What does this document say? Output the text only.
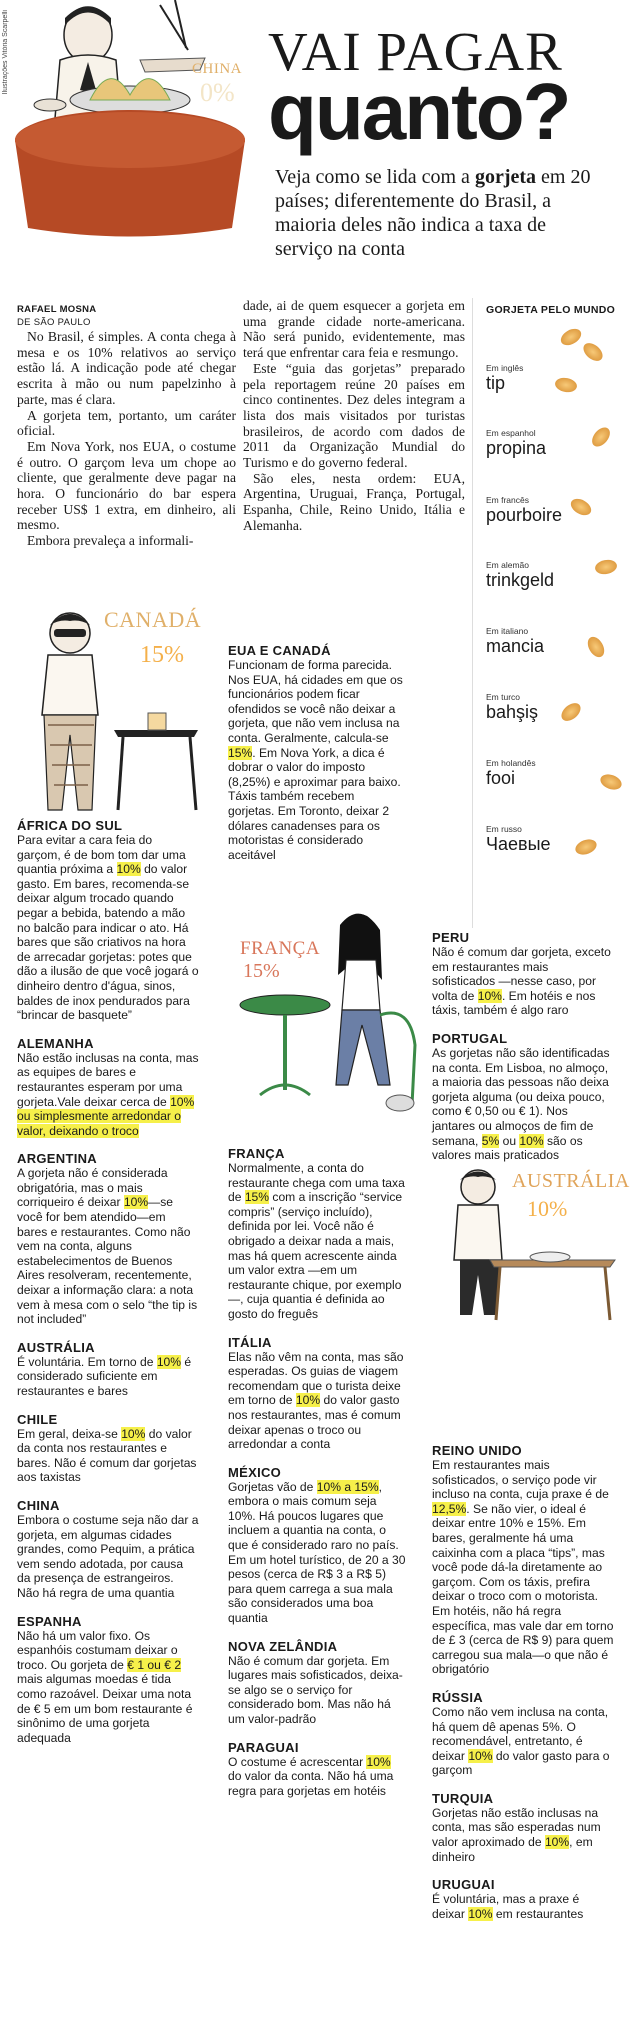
Ilustrações Vitória Scarpelli	CHINA
0%
VAI PAGAR
quanto?
Veja como se lida com a gorjeta em 20 países; diferentemente do Brasil, a maioria deles não indica a taxa de serviço na conta
RAFAEL MOSNA
DE SÃO PAULO

No Brasil, é simples. A conta chega à mesa e os 10% relativos ao serviço estão lá. A indicação pode até chegar escrita à mão ou num papelzinho à parte, mas é clara.

A gorjeta tem, portanto, um caráter oficial.

Em Nova York, nos EUA, o costume é outro. O garçom leva um chope ao cliente, que geralmente deve pagar na hora. O funcionário do bar espera receber US$ 1 extra, em dinheiro, ali mesmo.

Embora prevaleça a informali-

dade, ai de quem esquecer a gorjeta em uma grande cidade norte-americana. Não será punido, evidentemente, mas terá que enfrentar cara feia e resmungo.

Este “guia das gorjetas” preparado pela reportagem reúne 20 países em cinco continentes. Dez deles integram a lista dos mais visitados por turistas brasileiros, de acordo com dados de 2011 da Organização Mundial do Turismo e do governo federal.

São eles, nesta ordem: EUA, Argentina, Uruguai, França, Portugal, Espanha, Chile, Reino Unido, Itália e Alemanha.

GORJETA PELO MUNDO
Em inglês
tip
Em espanhol
propina
Em francês
pourboire
Em alemão
trinkgeld
Em italiano
mancia
Em turco
bahşiş
Em holandês
fooi
Em russo
Чаевые
CANADÁ
15%
FRANÇA
15%
AUSTRÁLIA
10%
ÁFRICA DO SUL
Para evitar a cara feia do garçom, é de bom tom dar uma quantia próxima a 10% do valor gasto. Em bares, recomenda-se deixar algum trocado quando pegar a bebida, batendo a mão no balcão para indicar o ato. Há bares que são criativos na hora de arrecadar gorjetas: potes que dão a ilusão de que você jogará o dinheiro dentro d'água, sinos, baldes de inox pendurados para “brincar de basquete”
ALEMANHA
Não estão inclusas na conta, mas as equipes de bares e restaurantes esperam por uma gorjeta.Vale deixar cerca de 10% ou simplesmente arredondar o valor, deixando o troco
ARGENTINA
A gorjeta não é considerada obrigatória, mas o mais corriqueiro é deixar 10%—se você for bem atendido—em bares e restaurantes. Como não vem na conta, alguns estabelecimentos de Buenos Aires resolveram, recentemente, deixar a informação clara: a nota vem à mesa com o selo “the tip is not included”
AUSTRÁLIA
É voluntária. Em torno de 10% é considerado suficiente em restaurantes e bares
CHILE
Em geral, deixa-se 10% do valor da conta nos restaurantes e bares. Não é comum dar gorjetas aos taxistas
CHINA
Embora o costume seja não dar a gorjeta, em algumas cidades grandes, como Pequim, a prática vem sendo adotada, por causa da presença de estrangeiros. Não há regra de uma quantia
ESPANHA
Não há um valor fixo. Os espanhóis costumam deixar o troco. Ou gorjeta de € 1 ou € 2 mais algumas moedas é tida como razoável. Deixar uma nota de € 5 em um bom restaurante é sinônimo de uma gorjeta adequada
EUA E CANADÁ
Funcionam de forma parecida. Nos EUA, há cidades em que os funcionários podem ficar ofendidos se você não deixar a gorjeta, que não vem inclusa na conta. Geralmente, calcula-se 15%. Em Nova York, a dica é dobrar o valor do imposto (8,25%) e aproximar para baixo. Táxis também recebem gorjetas. Em Toronto, deixar 2 dólares canadenses para os motoristas é considerado aceitável
FRANÇA
Normalmente, a conta do restaurante chega com uma taxa de 15% com a inscrição “service compris” (serviço incluído), definida por lei. Você não é obrigado a deixar nada a mais, mas há quem acrescente ainda um valor extra —em um restaurante chique, por exemplo—, cuja quantia é definida ao gosto do freguês
ITÁLIA
Elas não vêm na conta, mas são esperadas. Os guias de viagem recomendam que o turista deixe em torno de 10% do valor gasto nos restaurantes, mas é comum deixar apenas o troco ou arredondar a conta
MÉXICO
Gorjetas vão de 10% a 15%, embora o mais comum seja 10%. Há poucos lugares que incluem a quantia na conta, o que é considerado raro no país. Em um hotel turístico, de 20 a 30 pesos (cerca de R$ 3 a R$ 5) para quem carrega a sua mala são considerados uma boa quantia
NOVA ZELÂNDIA
Não é comum dar gorjeta. Em lugares mais sofisticados, deixa-se algo se o serviço for considerado bom. Mas não há um valor-padrão
PARAGUAI
O costume é acrescentar 10% do valor da conta. Não há uma regra para gorjetas em hotéis
PERU
Não é comum dar gorjeta, exceto em restaurantes mais sofisticados —nesse caso, por volta de 10%. Em hotéis e nos táxis, também é algo raro
PORTUGAL
As gorjetas não são identificadas na conta. Em Lisboa, no almoço, a maioria das pessoas não deixa gorjeta alguma (ou deixa pouco, como € 0,50 ou € 1). Nos jantares ou almoços de fim de semana, 5% ou 10% são os valores mais praticados
REINO UNIDO
Em restaurantes mais sofisticados, o serviço pode vir incluso na conta, cuja praxe é de 12,5%. Se não vier, o ideal é deixar entre 10% e 15%. Em bares, geralmente há uma caixinha com a placa “tips”, mas você pode dá-la diretamente ao garçom. Com os táxis, prefira deixar o troco com o motorista. Em hotéis, não há regra específica, mas vale dar em torno de £ 3 (cerca de R$ 9) para quem carregou sua mala—o que não é obrigatório
RÚSSIA
Como não vem inclusa na conta, há quem dê apenas 5%. O recomendável, entretanto, é deixar 10% do valor gasto para o garçom
TURQUIA
Gorjetas não estão inclusas na conta, mas são esperadas num valor aproximado de 10%, em dinheiro
URUGUAI
É voluntária, mas a praxe é deixar 10% em restaurantes
